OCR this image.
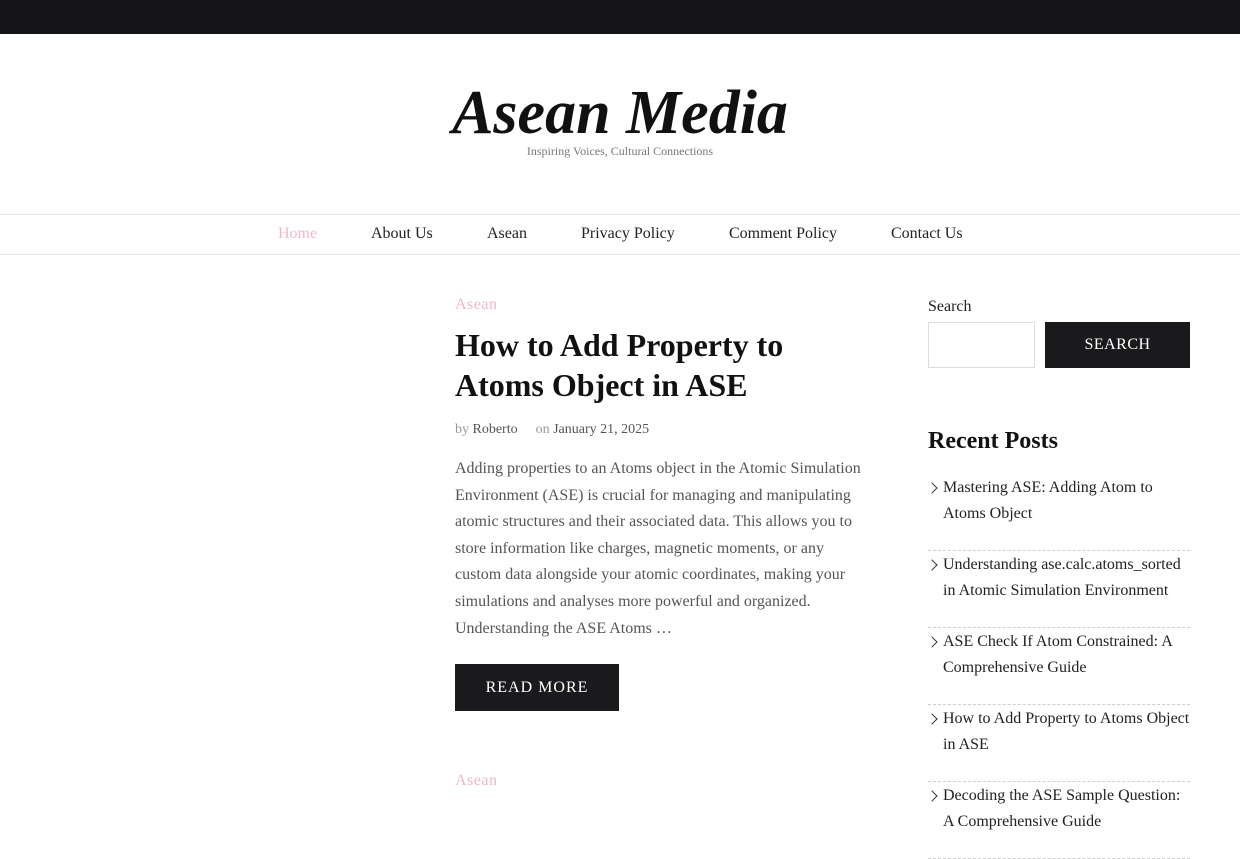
Asean Media
Inspiring Voices, Cultural Connections
Home	About Us	Asean	Privacy Policy	Comment Policy	Contact Us
Asean
How to Add Property to Atoms Object in ASE
by Roberto on January 21, 2025
Adding properties to an Atoms object in the Atomic Simulation Environment (ASE) is crucial for managing and manipulating atomic structures and their associated data. This allows you to store information like charges, magnetic moments, or any custom data alongside your atomic coordinates, making your simulations and analyses more powerful and organized. Understanding the ASE Atoms …
READ MORE
Asean
Search
SEARCH
Recent Posts
Mastering ASE: Adding Atom to Atoms Object
Understanding ase.calc.atoms_sorted in Atomic Simulation Environment
ASE Check If Atom Constrained: A Comprehensive Guide
How to Add Property to Atoms Object in ASE
Decoding the ASE Sample Question: A Comprehensive Guide
